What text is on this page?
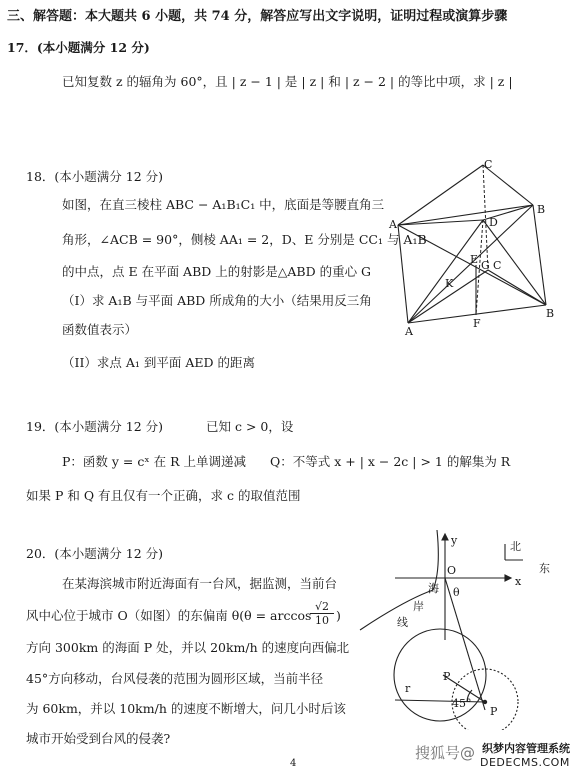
三、解答题：本大题共 6 小题，共 74 分，解答应写出文字说明，证明过程或演算步骤
17．(本小题满分 12 分)
已知复数 z 的辐角为 60°，且 | z − 1 | 是 | z | 和 | z − 2 | 的等比中项，求 | z |
18．(本小题满分 12 分)
如图，在直三棱柱 ABC − A₁B₁C₁ 中，底面是等腰直角三
角形，∠ACB = 90°，侧棱 AA₁ = 2，D、E 分别是 CC₁ 与 A₁B
的中点，点 E 在平面 ABD 上的射影是△ABD 的重心 G
（I）求 A₁B 与平面 ABD 所成角的大小（结果用反三角
函数值表示）
（II）求点 A₁ 到平面 AED 的距离
C
A
B
D
E G C
K
A
F
B
19．(本小题满分 12 分)	已知 c > 0，设
P：函数 y = cˣ 在 R 上单调递减 Q：不等式 x + | x − 2c | > 1 的解集为 R
如果 P 和 Q 有且仅有一个正确，求 c 的取值范围
20．(本小题满分 12 分)
在某海滨城市附近海面有一台风，据监测，当前台
风中心位于城市 O（如图）的东偏南 θ(θ = arccos
$\frac{√2}{10}$ )
方向 300km 的海面 P 处，并以 20km/h 的速度向西偏北
45°方向移动，台风侵袭的范围为圆形区域，当前半径
为 60km，并以 10km/h 的速度不断增大，问几小时后该
城市开始受到台风的侵袭?
y	北
东
x
O
海
岸
线
θ
P
r
45°
P
4
搜狐号@ 织梦内容管理系统
DEDECMS.COM
